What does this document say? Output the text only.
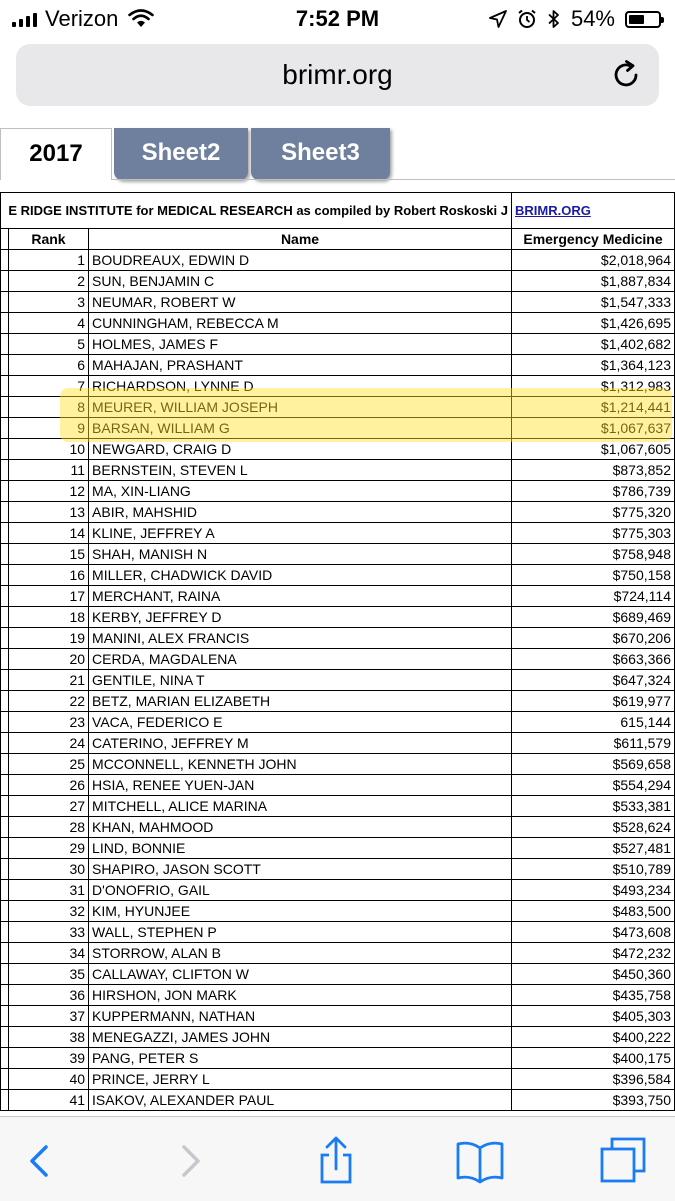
Verizon	7:52 PM	54%
brimr.org
2017	Sheet2	Sheet3
	E RIDGE INSTITUTE for MEDICAL RESEARCH as compiled by Robert Roskoski J		BRIMR.ORG
	Rank	Name	Emergency Medicine
	1	BOUDREAUX, EDWIN D	$2,018,964
	2	SUN, BENJAMIN C	$1,887,834
	3	NEUMAR, ROBERT W	$1,547,333
	4	CUNNINGHAM, REBECCA M	$1,426,695
	5	HOLMES, JAMES F	$1,402,682
	6	MAHAJAN, PRASHANT	$1,364,123
	7	RICHARDSON, LYNNE D	$1,312,983
	8	MEURER, WILLIAM JOSEPH	$1,214,441
	9	BARSAN, WILLIAM G	$1,067,637
	10	NEWGARD, CRAIG D	$1,067,605
	11	BERNSTEIN, STEVEN L	$873,852
	12	MA, XIN-LIANG	$786,739
	13	ABIR, MAHSHID	$775,320
	14	KLINE, JEFFREY A	$775,303
	15	SHAH, MANISH N	$758,948
	16	MILLER, CHADWICK DAVID	$750,158
	17	MERCHANT, RAINA	$724,114
	18	KERBY, JEFFREY D	$689,469
	19	MANINI, ALEX FRANCIS	$670,206
	20	CERDA, MAGDALENA	$663,366
	21	GENTILE, NINA T	$647,324
	22	BETZ, MARIAN ELIZABETH	$619,977
	23	VACA, FEDERICO E	615,144
	24	CATERINO, JEFFREY M	$611,579
	25	MCCONNELL, KENNETH JOHN	$569,658
	26	HSIA, RENEE YUEN-JAN	$554,294
	27	MITCHELL, ALICE MARINA	$533,381
	28	KHAN, MAHMOOD	$528,624
	29	LIND, BONNIE	$527,481
	30	SHAPIRO, JASON SCOTT	$510,789
	31	D'ONOFRIO, GAIL	$493,234
	32	KIM, HYUNJEE	$483,500
	33	WALL, STEPHEN P	$473,608
	34	STORROW, ALAN B	$472,232
	35	CALLAWAY, CLIFTON W	$450,360
	36	HIRSHON, JON MARK	$435,758
	37	KUPPERMANN, NATHAN	$405,303
	38	MENEGAZZI, JAMES JOHN	$400,222
	39	PANG, PETER S	$400,175
	40	PRINCE, JERRY L	$396,584
	41	ISAKOV, ALEXANDER PAUL	$393,750
